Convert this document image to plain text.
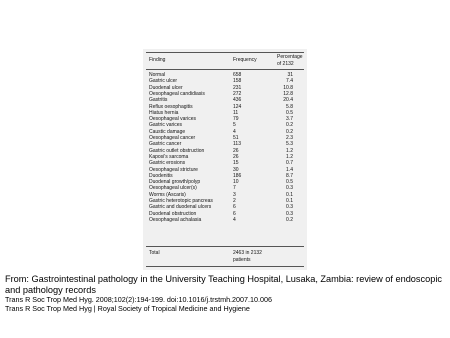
Finding	Frequency	Percentage
of 2132
Normal	658	31
Gastric ulcer	158	7.4
Duodenal ulcer	231	10.8
Oesophageal candidiasis	272	12.8
Gastritis	436	20.4
Reflux oesophagitis	124	5.8
Hiatus hernia	11	0.5
Oesophageal varices	79	3.7
Gastric varices	5	0.2
Caustic damage	4	0.2
Oesophageal cancer	51	2.3
Gastric cancer	113	5.3
Gastric outlet obstruction	26	1.2
Kaposi's sarcoma	26	1.2
Gastric erosions	15	0.7
Oesophageal stricture	30	1.4
Duodenitis	186	8.7
Duodenal growth/polyp	10	0.5
Oesophageal ulcer(s)	7	0.3
Worms (Ascaris)	3	0.1
Gastric heterotopic pancreas	2	0.1
Gastric and duodenal ulcers	6	0.3
Duodenal obstruction	6	0.3
Oesophageal achalasia	4	0.2
Total	2463 in 2132
patients

From: Gastrointestinal pathology in the University Teaching Hospital, Lusaka, Zambia: review of endoscopic and pathology records

Trans R Soc Trop Med Hyg. 2008;102(2):194-199. doi:10.1016/j.trstmh.2007.10.006

Trans R Soc Trop Med Hyg | Royal Society of Tropical Medicine and Hygiene
